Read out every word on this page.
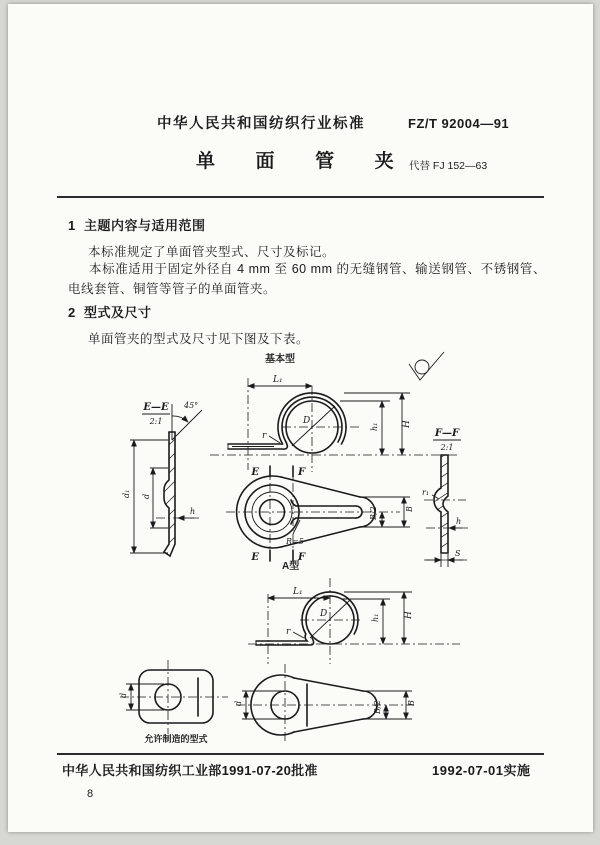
中华人民共和国纺织行业标准	FZ/T 92004—91
单  面  管  夹 代替 FJ 152—63
1  主题内容与适用范围
本标准规定了单面管夹型式、尺寸及标记。
本标准适用于固定外径自 4 mm 至 60 mm 的无缝钢管、输送钢管、不锈钢管、电线套管、铜管等管子的单面管夹。
2  型式及尺寸
单面管夹的型式及尺寸见下图及下表。
基本型
r
D
L₁
H
h₁
E—E
2:1
45°
d₁ d
h
E
E
F
F
R=5
B
B/2
A型
F—F
2:1
r₁
h
S
r
D
L₁
H
h₁
d
允许制造的型式
d	B
B/2
中华人民共和国纺织工业部1991-07-20批准	1992-07-01实施
8
